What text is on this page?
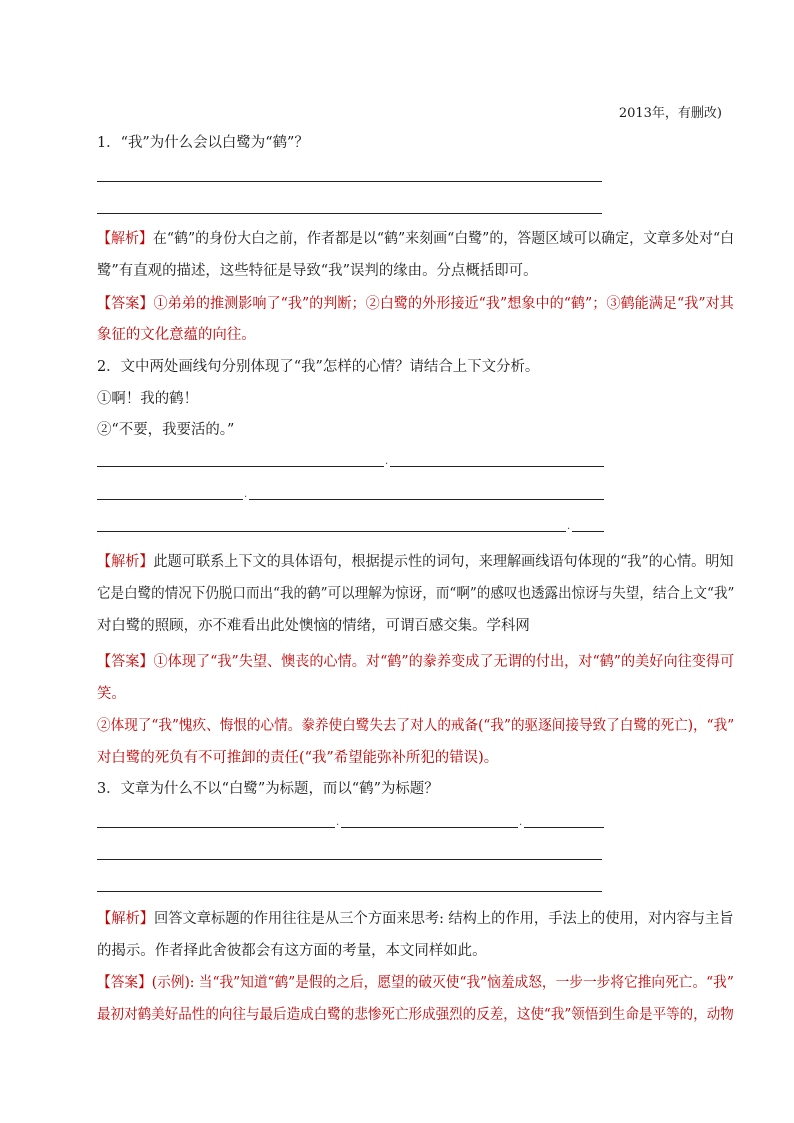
2013年，有删改)
1．“我”为什么会以白鹭为“鹤”？
【解析】在“鹤”的身份大白之前，作者都是以“鹤”来刻画“白鹭”的，答题区域可以确定，文章多处对“白
鹭”有直观的描述，这些特征是导致“我”误判的缘由。分点概括即可。
【答案】①弟弟的推测影响了“我”的判断；②白鹭的外形接近“我”想象中的“鹤”；③鹤能满足“我”对其
象征的文化意蕴的向往。
2．文中两处画线句分别体现了“我”怎样的心情？请结合上下文分析。
①啊！我的鹤！
②“不要，我要活的。”
.
.
.
【解析】此题可联系上下文的具体语句，根据提示性的词句，来理解画线语句体现的“我”的心情。明知
它是白鹭的情况下仍脱口而出“我的鹤”可以理解为惊讶，而“啊”的感叹也透露出惊讶与失望，结合上文“我”
对白鹭的照顾，亦不难看出此处懊恼的情绪，可谓百感交集。学科网
【答案】①体现了“我”失望、懊丧的心情。对“鹤”的豢养变成了无谓的付出，对“鹤”的美好向往变得可
笑。
②体现了“我”愧疚、悔恨的心情。豢养使白鹭失去了对人的戒备(“我”的驱逐间接导致了白鹭的死亡)，“我”
对白鹭的死负有不可推卸的责任(“我”希望能弥补所犯的错误)。
3．文章为什么不以“白鹭”为标题，而以“鹤”为标题？
.	.
【解析】回答文章标题的作用往往是从三个方面来思考: 结构上的作用，手法上的使用，对内容与主旨
的揭示。作者择此舍彼都会有这方面的考量，本文同样如此。
【答案】(示例): 当“我”知道“鹤”是假的之后，愿望的破灭使“我”恼羞成怒，一步一步将它推向死亡。“我”
最初对鹤美好品性的向往与最后造成白鹭的悲惨死亡形成强烈的反差，这使“我”领悟到生命是平等的，动物
